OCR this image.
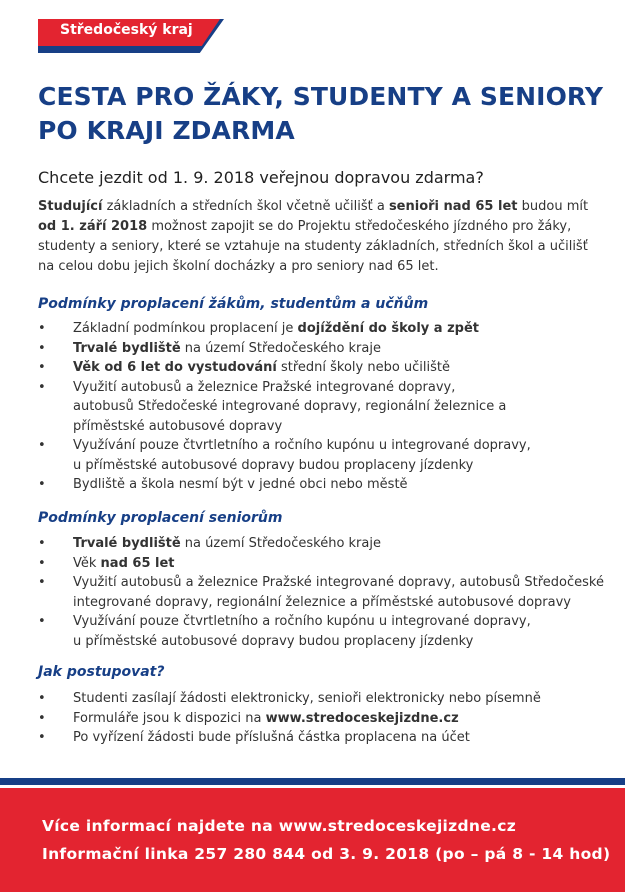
Středočeský kraj
CESTA PRO ŽÁKY, STUDENTY A SENIORY
PO KRAJI ZDARMA
Chcete jezdit od 1. 9. 2018 veřejnou dopravou zdarma?
Studující základních a středních škol včetně učilišť a senioři nad 65 let budou mít
od 1. září 2018 možnost zapojit se do Projektu středočeského jízdného pro žáky,
studenty a seniory, které se vztahuje na studenty základních, středních škol a učilišť
na celou dobu jejich školní docházky a pro seniory nad 65 let.
Podmínky proplacení žákům, studentům a učňům
• Základní podmínkou proplacení je dojíždění do školy a zpět
• Trvalé bydliště na území Středočeského kraje
• Věk od 6 let do vystudování střední školy nebo učiliště
• Využití autobusů a železnice Pražské integrované dopravy,
autobusů Středočeské integrované dopravy, regionální železnice a
příměstské autobusové dopravy
• Využívání pouze čtvrtletního a ročního kupónu u integrované dopravy,
u příměstské autobusové dopravy budou proplaceny jízdenky
• Bydliště a škola nesmí být v jedné obci nebo městě
Podmínky proplacení seniorům
• Trvalé bydliště na území Středočeského kraje
• Věk nad 65 let
• Využití autobusů a železnice Pražské integrované dopravy, autobusů Středočeské
integrované dopravy, regionální železnice a příměstské autobusové dopravy
• Využívání pouze čtvrtletního a ročního kupónu u integrované dopravy,
u příměstské autobusové dopravy budou proplaceny jízdenky
Jak postupovat?
• Studenti zasílají žádosti elektronicky, senioři elektronicky nebo písemně
• Formuláře jsou k dispozici na www.stredoceskejizdne.cz
• Po vyřízení žádosti bude příslušná částka proplacena na účet
Více informací najdete na www.stredoceskejizdne.cz
Informační linka 257 280 844 od 3. 9. 2018 (po – pá 8 - 14 hod)
